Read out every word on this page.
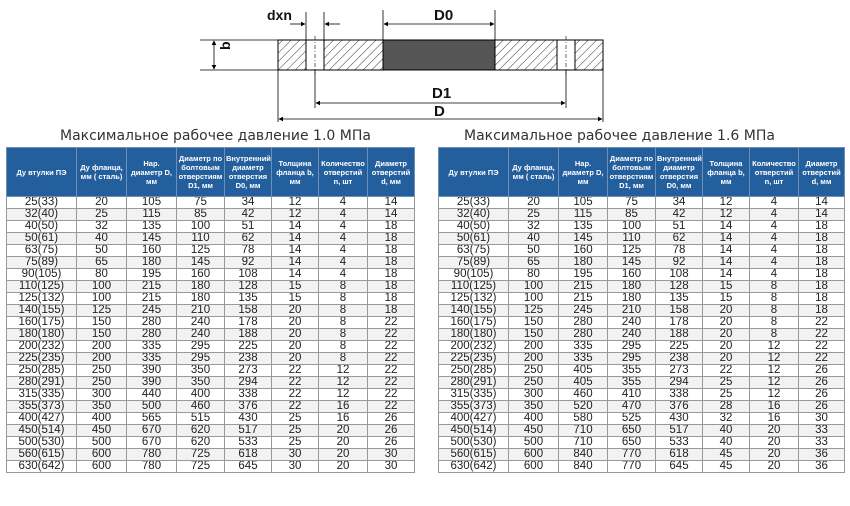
dxn	D0
b
D1
D
Максимальное рабочее давление 1.0 МПа	Максимальное рабочее давление 1.6 МПа
Ду втулки ПЭ	Ду фланца, мм ( сталь)	Нар. диаметр D, мм	Диаметр по болтовым отверстиям D1, мм	Внутренний диаметр отверстия D0, мм	Толщина фланца b, мм	Количество отверстий n, шт	Диаметр отверстий d, мм
25(33)	20	105	75	34	12	4	14
32(40)	25	115	85	42	12	4	14
40(50)	32	135	100	51	14	4	18
50(61)	40	145	110	62	14	4	18
63(75)	50	160	125	78	14	4	18
75(89)	65	180	145	92	14	4	18
90(105)	80	195	160	108	14	4	18
110(125)	100	215	180	128	15	8	18
125(132)	100	215	180	135	15	8	18
140(155)	125	245	210	158	20	8	18
160(175)	150	280	240	178	20	8	22
180(180)	150	280	240	188	20	8	22
200(232)	200	335	295	225	20	8	22
225(235)	200	335	295	238	20	8	22
250(285)	250	390	350	273	22	12	22
280(291)	250	390	350	294	22	12	22
315(335)	300	440	400	338	22	12	22
355(373)	350	500	460	376	22	16	22
400(427)	400	565	515	430	25	16	26
450(514)	450	670	620	517	25	20	26
500(530)	500	670	620	533	25	20	26
560(615)	600	780	725	618	30	20	30
630(642)	600	780	725	645	30	20	30
Ду втулки ПЭ	Ду фланца, мм ( сталь)	Нар. диаметр D, мм	Диаметр по болтовым отверстиям D1, мм	Внутренний диаметр отверстия D0, мм	Толщина фланца b, мм	Количество отверстий n, шт	Диаметр отверстий d, мм
25(33)	20	105	75	34	12	4	14
32(40)	25	115	85	42	12	4	14
40(50)	32	135	100	51	14	4	18
50(61)	40	145	110	62	14	4	18
63(75)	50	160	125	78	14	4	18
75(89)	65	180	145	92	14	4	18
90(105)	80	195	160	108	14	4	18
110(125)	100	215	180	128	15	8	18
125(132)	100	215	180	135	15	8	18
140(155)	125	245	210	158	20	8	18
160(175)	150	280	240	178	20	8	22
180(180)	150	280	240	188	20	8	22
200(232)	200	335	295	225	20	12	22
225(235)	200	335	295	238	20	12	22
250(285)	250	405	355	273	22	12	26
280(291)	250	405	355	294	25	12	26
315(335)	300	460	410	338	25	12	26
355(373)	350	520	470	376	28	16	26
400(427)	400	580	525	430	32	16	30
450(514)	450	710	650	517	40	20	33
500(530)	500	710	650	533	40	20	33
560(615)	600	840	770	618	45	20	36
630(642)	600	840	770	645	45	20	36
